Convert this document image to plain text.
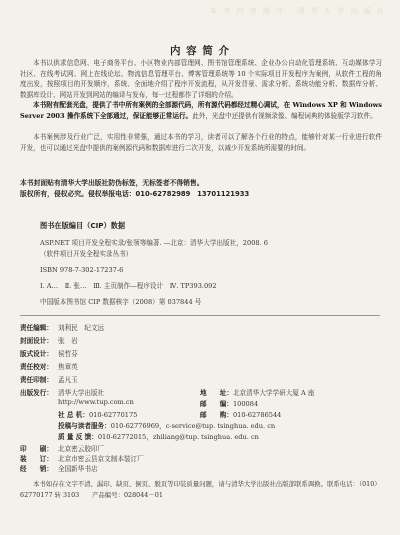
本 书 内 容 简 介 · 清 华 大 学 出 版 社
内 容 简 介
本书以供求信息网、电子商务平台、小区物业内部管理网、图书馆管理系统、企业办公自动化管理系统、互动媒体学习社区、在线考试网、网上在线论坛、物流信息管理平台、博客管理系统等 10 个实际项目开发程序为案例，从软件工程的角度出发，按照项目的开发顺序，系统、全面地介绍了程序开发流程，从开发背景、需求分析、系统功能分析、数据库分析、数据库设计、网站开发到网站的编译与发布，每一过程都作了详细的介绍。
本书附有配套光盘，提供了书中所有案例的全部源代码，所有源代码都经过精心调试，在 Windows XP 和 Windows Server 2003 操作系统下全部通过，保证能够正常运行。此外，光盘中还提供有视频录像、编程词典的体验版学习软件。
本书案例涉及行业广泛，实用性非常强，通过本书的学习，读者可以了解各个行业的特点，能够针对某一行业进行软件开发，也可以通过光盘中提供的案例源代码和数据库进行二次开发，以减少开发系统所需要的时间。
本书封面贴有清华大学出版社防伪标签，无标签者不得销售。
版权所有，侵权必究。侵权举报电话：010-62782989　13701121933
图书在版编目（CIP）数据
ASP.NET 项目开发全程实录/张领等编著. —北京：清华大学出版社，2008. 6
（软件项目开发全程实录丛书）
ISBN 978-7-302-17237-6
Ⅰ. A…　Ⅱ. 张…　Ⅲ. 主页制作—程序设计　Ⅳ. TP393.092
中国版本图书馆 CIP 数据核字（2008）第 037844 号
责任编辑： 刘利民　纪文远
封面设计： 张　岩
版式设计： 侯哲芬
责任校对： 焦章英
责任印制： 孟凡玉
出版发行： 清华大学出版社	地　　址：北京清华大学学研大厦 A 座
http://www.tup.com.cn	邮　　编：100084
社 总 机：010-62770175	邮　　购：010-62786544
投稿与读者服务：010-62776969，c-service@tup. tsinghua. edu. cn
质 量 反 馈：010-62772015，zhiliang@tup. tsinghua. edu. cn
印　　刷： 北京密云胶印厂
装　　订： 北京市密云县京文制本装订厂
经　　销： 全国新华书店
本书如存在文字不清、漏印、缺页、倒页、脱页等印装质量问题，请与清华大学出版社出版部联系调换。联系电话：（010）62770177 转 3103　　产品编号：028044－01
